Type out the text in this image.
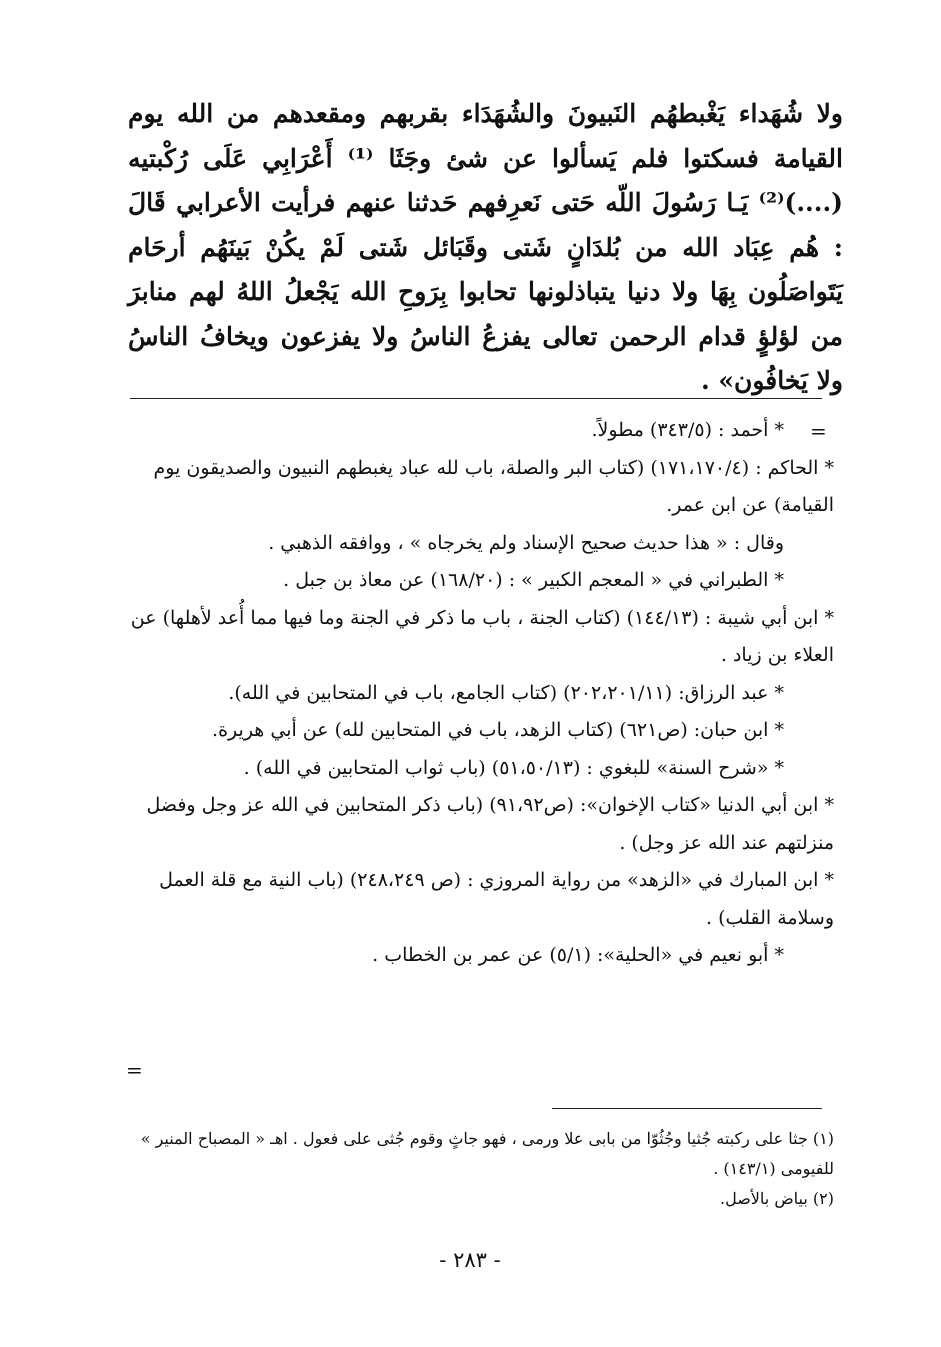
ولا شُهَداء يَغْبطهُم النَبيونَ والشُهَدَاء بقربهم ومقعدهم من الله يوم القيامة فسكتوا فلم يَسألوا عن شئ وجَثَا ⁽¹⁾ أَعْرَابِي عَلَى رُكْبتيه (....)⁽²⁾ يَـا رَسُولَ اللّه حَتى نَعرِفهم حَدثنا عنهم فرأيت الأعرابي قَالَ : هُم عِبَاد الله من بُلدَانٍ شَتى وقَبَائل شَتى لَمْ يكُنْ بَينَهُم أرحَام يَتَواصَلُون بِهَا ولا دنيا يتباذلونها تحابوا بِرَوحِ الله يَجْعلُ اللهُ لهم منابرَ من لؤلؤٍ قدام الرحمن تعالى يفزعُ الناسُ ولا يفزعون ويخافُ الناسُ ولا يَخافُون» .

=

* أحمد : (٣٤٣/٥) مطولاً.

* الحاكم : (١٧١،١٧٠/٤) (كتاب البر والصلة، باب لله عباد يغبطهم النبيون والصديقون يوم القيامة) عن ابن عمر.

وقال : « هذا حديث صحيح الإسناد ولم يخرجاه » ، ووافقه الذهبي .

* الطبراني في « المعجم الكبير » : (١٦٨/٢٠) عن معاذ بن جبل .

* ابن أبي شيبة : (١٤٤/١٣) (كتاب الجنة ، باب ما ذكر في الجنة وما فيها مما أُعد لأهلها) عن العلاء بن زياد .

* عبد الرزاق: (٢٠٢،٢٠١/١١) (كتاب الجامع، باب في المتحابين في الله).

* ابن حبان: (ص٦٢١) (كتاب الزهد، باب في المتحابين لله) عن أبي هريرة.

* «شرح السنة» للبغوي : (٥١،٥٠/١٣) (باب ثواب المتحابين في الله) .

* ابن أبي الدنيا «كتاب الإخوان»: (ص٩١،٩٢) (باب ذكر المتحابين في الله عز وجل وفضل منزلتهم عند الله عز وجل) .

* ابن المبارك في «الزهد» من رواية المروزي : (ص ٢٤٨،٢٤٩) (باب النية مع قلة العمل وسلامة القلب) .

* أبو نعيم في «الحلية»: (٥/١) عن عمر بن الخطاب .

=

(١) جثا على ركبته جُثيا وجُثُوّا من بابى علا ورمى ، فهو جاثٍ وقوم جُثى على فعول . اهـ « المصباح المنير » للفيومى (١٤٣/١) .

(٢) بياض بالأصل.

- ٢٨٣ -
